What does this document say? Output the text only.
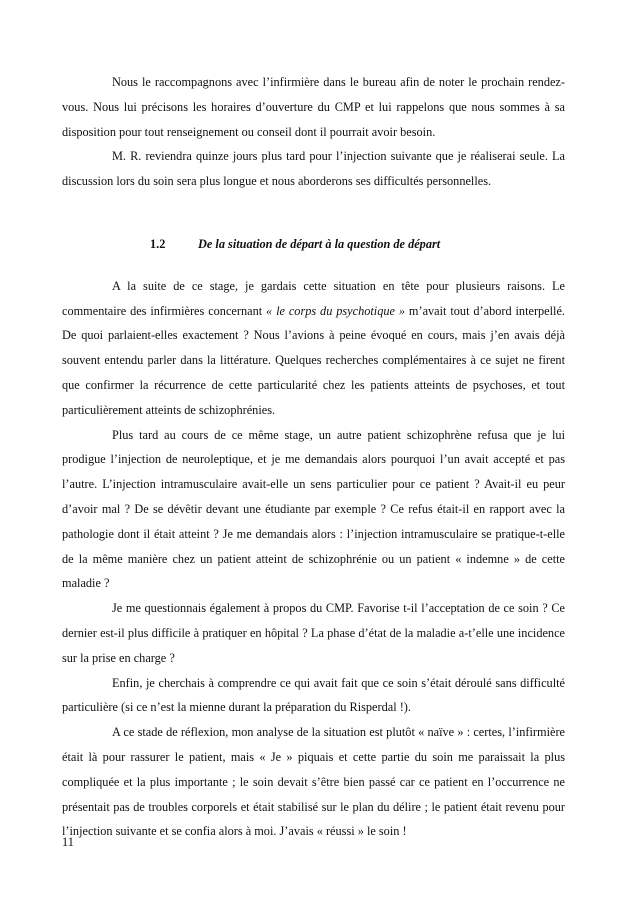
Nous le raccompagnons avec l’infirmière dans le bureau afin de noter le prochain rendez-vous. Nous lui précisons les horaires d’ouverture du CMP et lui rappelons que nous sommes à sa disposition pour tout renseignement ou conseil dont il pourrait avoir besoin.

M. R. reviendra quinze jours plus tard pour l’injection suivante que je réaliserai seule. La discussion lors du soin sera plus longue et nous aborderons ses difficultés personnelles.

1.2	De la situation de départ à la question de départ

A la suite de ce stage, je gardais cette situation en tête pour plusieurs raisons. Le commentaire des infirmières concernant « le corps du psychotique » m’avait tout d’abord interpellé. De quoi parlaient-elles exactement ? Nous l’avions à peine évoqué en cours, mais j’en avais déjà souvent entendu parler dans la littérature. Quelques recherches complémentaires à ce sujet ne firent que confirmer la récurrence de cette particularité chez les patients atteints de psychoses, et tout particulièrement atteints de schizophrénies.

Plus tard au cours de ce même stage, un autre patient schizophrène refusa que je lui prodigue l’injection de neuroleptique, et je me demandais alors pourquoi l’un avait accepté et pas l’autre. L’injection intramusculaire avait-elle un sens particulier pour ce patient ? Avait-il eu peur d’avoir mal ? De se dévêtir devant une étudiante par exemple ? Ce refus était-il en rapport avec la pathologie dont il était atteint ? Je me demandais alors : l’injection intramusculaire se pratique-t-elle de la même manière chez un patient atteint de schizophrénie ou un patient « indemne » de cette maladie ?

Je me questionnais également à propos du CMP. Favorise t-il l’acceptation de ce soin ? Ce dernier est-il plus difficile à pratiquer en hôpital ? La phase d’état de la maladie a-t’elle une incidence sur la prise en charge ?

Enfin, je cherchais à comprendre ce qui avait fait que ce soin s’était déroulé sans difficulté particulière (si ce n’est la mienne durant la préparation du Risperdal !).

A ce stade de réflexion, mon analyse de la situation est plutôt « naïve » : certes, l’infirmière était là pour rassurer le patient, mais « Je » piquais et cette partie du soin me paraissait la plus compliquée et la plus importante ; le soin devait s’être bien passé car ce patient en l’occurrence ne présentait pas de troubles corporels et était stabilisé sur le plan du délire ; le patient était revenu pour l’injection suivante et se confia alors à moi. J’avais « réussi » le soin !

11
